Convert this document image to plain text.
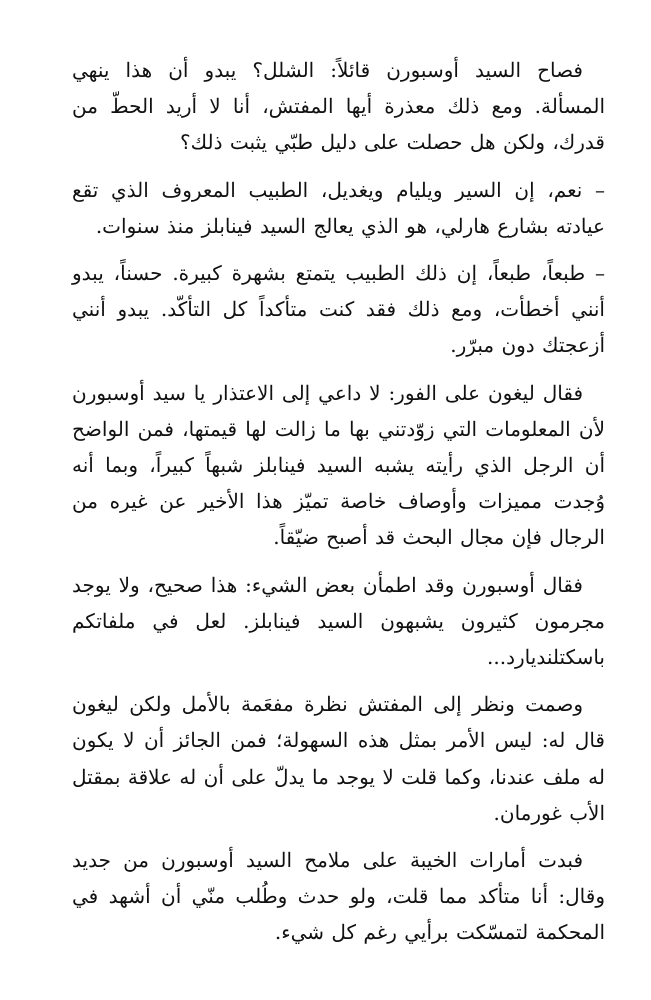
فصاح السيد أوسبورن قائلاً: الشلل؟ يبدو أن هذا ينهي المسألة. ومع ذلك معذرة أيها المفتش، أنا لا أريد الحطّ من قدرك، ولكن هل حصلت على دليل طبّي يثبت ذلك؟

– نعم، إن السير ويليام ويغديل، الطبيب المعروف الذي تقع عيادته بشارع هارلي، هو الذي يعالج السيد فينابلز منذ سنوات.

– طبعاً، طبعاً، إن ذلك الطبيب يتمتع بشهرة كبيرة. حسناً، يبدو أنني أخطأت، ومع ذلك فقد كنت متأكداً كل التأكّد. يبدو أنني أزعجتك دون مبرّر.

فقال ليغون على الفور: لا داعي إلى الاعتذار يا سيد أوسبورن لأن المعلومات التي زوّدتني بها ما زالت لها قيمتها، فمن الواضح أن الرجل الذي رأيته يشبه السيد فينابلز شبهاً كبيراً، وبما أنه وُجدت مميزات وأوصاف خاصة تميّز هذا الأخير عن غيره من الرجال فإن مجال البحث قد أصبح ضيّقاً.

فقال أوسبورن وقد اطمأن بعض الشيء: هذا صحيح، ولا يوجد مجرمون كثيرون يشبهون السيد فينابلز. لعل في ملفاتكم باسكتلنديارد...

وصمت ونظر إلى المفتش نظرة مفعَمة بالأمل ولكن ليغون قال له: ليس الأمر بمثل هذه السهولة؛ فمن الجائز أن لا يكون له ملف عندنا، وكما قلت لا يوجد ما يدلّ على أن له علاقة بمقتل الأب غورمان.

فبدت أمارات الخيبة على ملامح السيد أوسبورن من جديد وقال: أنا متأكد مما قلت، ولو حدث وطُلب منّي أن أشهد في المحكمة لتمسّكت برأيي رغم كل شيء.
